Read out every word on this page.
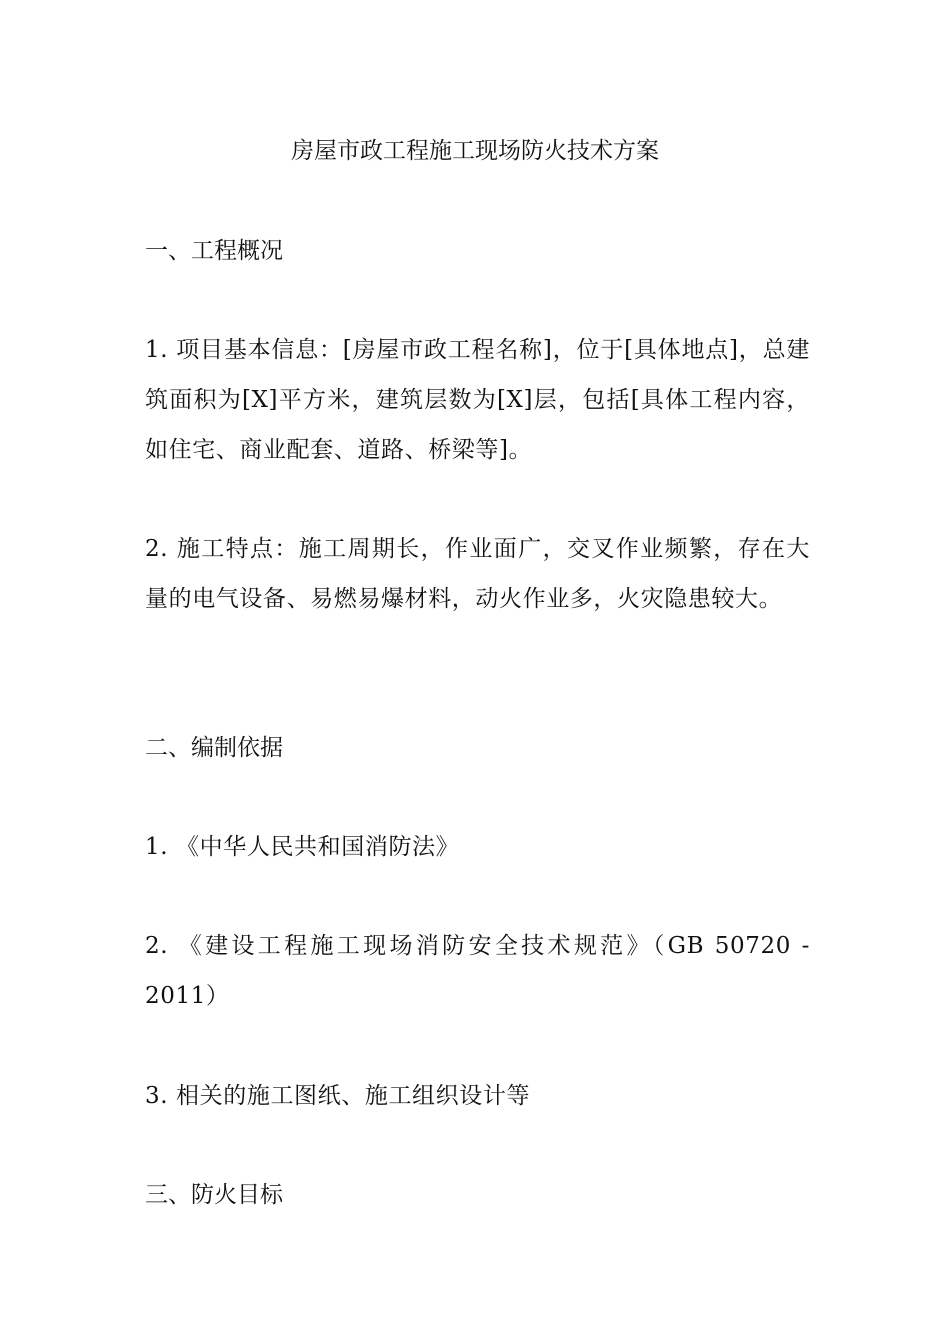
房屋市政工程施工现场防火技术方案
一、工程概况

1. 项目基本信息：[房屋市政工程名称]，位于[具体地点]，总建筑面积为[X]平方米，建筑层数为[X]层，包括[具体工程内容，如住宅、商业配套、道路、桥梁等]。

2. 施工特点：施工周期长，作业面广，交叉作业频繁，存在大量的电气设备、易燃易爆材料，动火作业多，火灾隐患较大。

二、编制依据

1. 《中华人民共和国消防法》

2. 《建设工程施工现场消防安全技术规范》（GB 50720 - 2011）

3. 相关的施工图纸、施工组织设计等

三、防火目标
